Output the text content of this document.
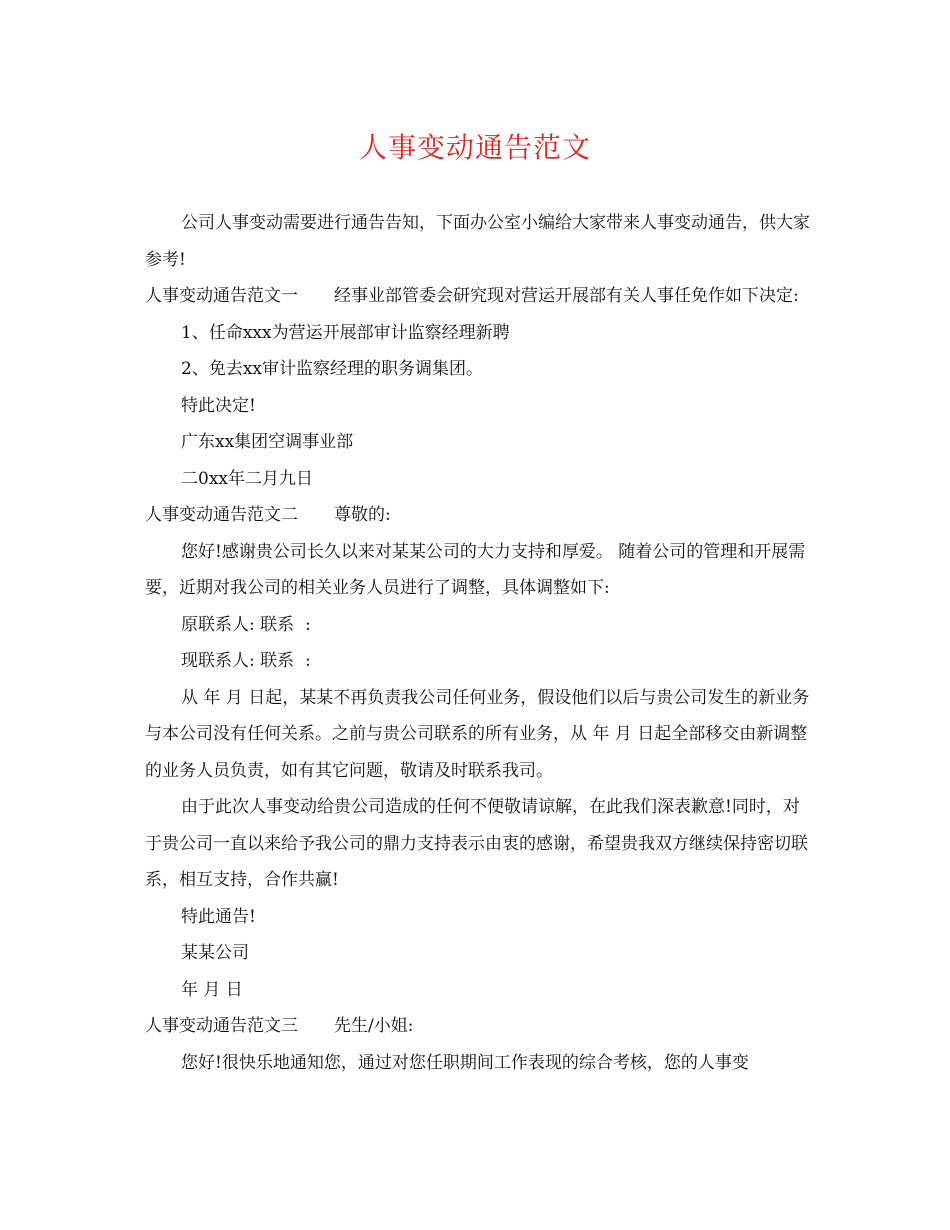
人事变动通告范文

公司人事变动需要进行通告告知，下面办公室小编给大家带来人事变动通告，供大家参考!

人事变动通告范文一 经事业部管委会研究现对营运开展部有关人事任免作如下决定:

1、任命xxx为营运开展部审计监察经理新聘

2、免去xx审计监察经理的职务调集团。

特此决定!

广东xx集团空调事业部

二0xx年二月九日

人事变动通告范文二 尊敬的:

您好!感谢贵公司长久以来对某某公司的大力支持和厚爱。 随着公司的管理和开展需要，近期对我公司的相关业务人员进行了调整，具体调整如下:

原联系人: 联系  :

现联系人: 联系  :

从 年 月 日起，某某不再负责我公司任何业务，假设他们以后与贵公司发生的新业务与本公司没有任何关系。之前与贵公司联系的所有业务，从 年 月 日起全部移交由新调整的业务人员负责，如有其它问题，敬请及时联系我司。

由于此次人事变动给贵公司造成的任何不便敬请谅解，在此我们深表歉意!同时，对于贵公司一直以来给予我公司的鼎力支持表示由衷的感谢，希望贵我双方继续保持密切联系，相互支持，合作共赢!

特此通告!

某某公司

年 月 日

人事变动通告范文三 先生/小姐:

您好!很快乐地通知您，通过对您任职期间工作表现的综合考核，您的人事变
